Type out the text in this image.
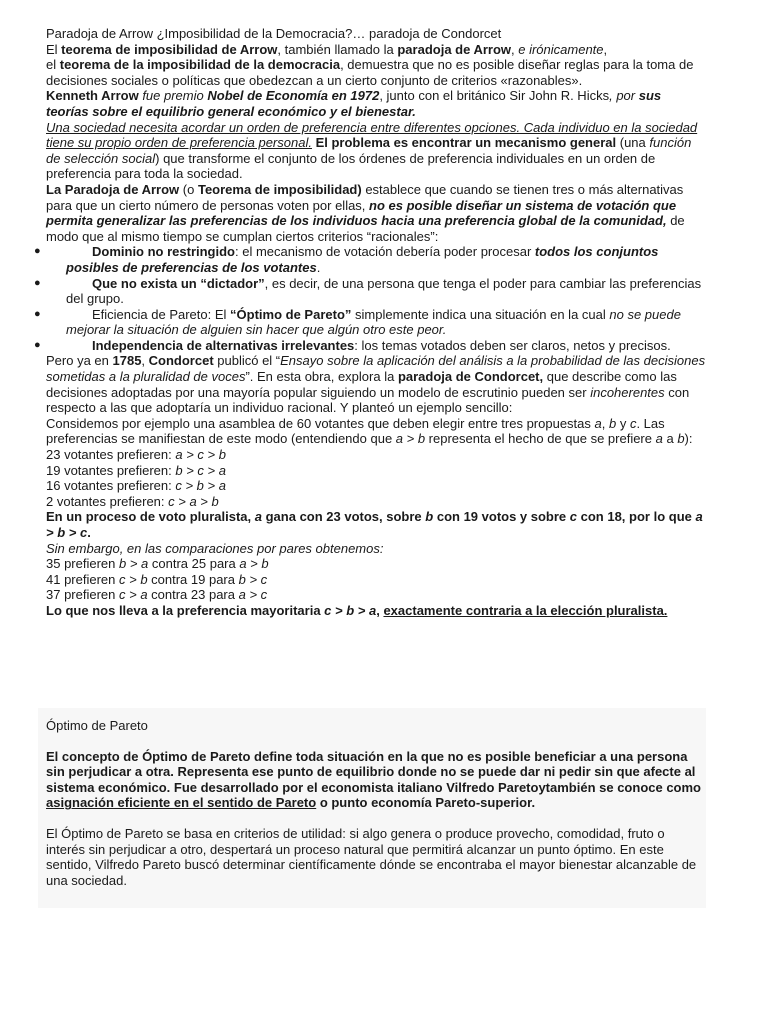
Paradoja de Arrow ¿Imposibilidad de la Democracia?… paradoja de Condorcet

El teorema de imposibilidad de Arrow, también llamado la paradoja de Arrow, e irónicamente,
el teorema de la imposibilidad de la democracia, demuestra que no es posible diseñar reglas para la toma de decisiones sociales o políticas que obedezcan a un cierto conjunto de criterios «razonables».
Kenneth Arrow fue premio Nobel de Economía en 1972, junto con el británico Sir John R. Hicks, por sus teorías sobre el equilibrio general económico y el bienestar.

Una sociedad necesita acordar un orden de preferencia entre diferentes opciones. Cada individuo en la sociedad tiene su propio orden de preferencia personal. El problema es encontrar un mecanismo general (una función de selección social) que transforme el conjunto de los órdenes de preferencia individuales en un orden de preferencia para toda la sociedad.

La Paradoja de Arrow (o Teorema de imposibilidad) establece que cuando se tienen tres o más alternativas para que un cierto número de personas voten por ellas, no es posible diseñar un sistema de votación que permita generalizar las preferencias de los individuos hacia una preferencia global de la comunidad, de modo que al mismo tiempo se cumplan ciertos criterios “racionales”:

●	Dominio no restringido: el mecanismo de votación debería poder procesar todos los conjuntos posibles de preferencias de los votantes.
●	Que no exista un “dictador”, es decir, de una persona que tenga el poder para cambiar las preferencias del grupo.
●	Eficiencia de Pareto: El “Óptimo de Pareto” simplemente indica una situación en la cual no se puede mejorar la situación de alguien sin hacer que algún otro este peor.
●	Independencia de alternativas irrelevantes: los temas votados deben ser claros, netos y precisos.

Pero ya en 1785, Condorcet publicó el “Ensayo sobre la aplicación del análisis a la probabilidad de las decisiones sometidas a la pluralidad de voces”. En esta obra, explora la paradoja de Condorcet, que describe como las decisiones adoptadas por una mayoría popular siguiendo un modelo de escrutinio pueden ser incoherentes con respecto a las que adoptaría un individuo racional. Y planteó un ejemplo sencillo:

Considemos por ejemplo una asamblea de 60 votantes que deben elegir entre tres propuestas a, b y c. Las preferencias se manifiestan de este modo (entendiendo que a > b representa el hecho de que se prefiere a a b):

23 votantes prefieren: a > c > b

19 votantes prefieren: b > c > a

16 votantes prefieren: c > b > a

2 votantes prefieren: c > a > b

En un proceso de voto pluralista, a gana con 23 votos, sobre b con 19 votos y sobre c con 18, por lo que a > b > c.

Sin embargo, en las comparaciones por pares obtenemos:

35 prefieren b > a contra 25 para a > b

41 prefieren c > b contra 19 para b > c

37 prefieren c > a contra 23 para a > c

Lo que nos lleva a la preferencia mayoritaria c > b > a, exactamente contraria a la elección pluralista.

Óptimo de Pareto

El concepto de Óptimo de Pareto define toda situación en la que no es posible beneficiar a una persona sin perjudicar a otra. Representa ese punto de equilibrio donde no se puede dar ni pedir sin que afecte al sistema económico. Fue desarrollado por el economista italiano Vilfredo Paretoytambién se conoce como asignación eficiente en el sentido de Pareto o punto economía Pareto-superior.

El Óptimo de Pareto se basa en criterios de utilidad: si algo genera o produce provecho, comodidad, fruto o interés sin perjudicar a otro, despertará un proceso natural que permitirá alcanzar un punto óptimo. En este sentido, Vilfredo Pareto buscó determinar científicamente dónde se encontraba el mayor bienestar alcanzable de una sociedad.
